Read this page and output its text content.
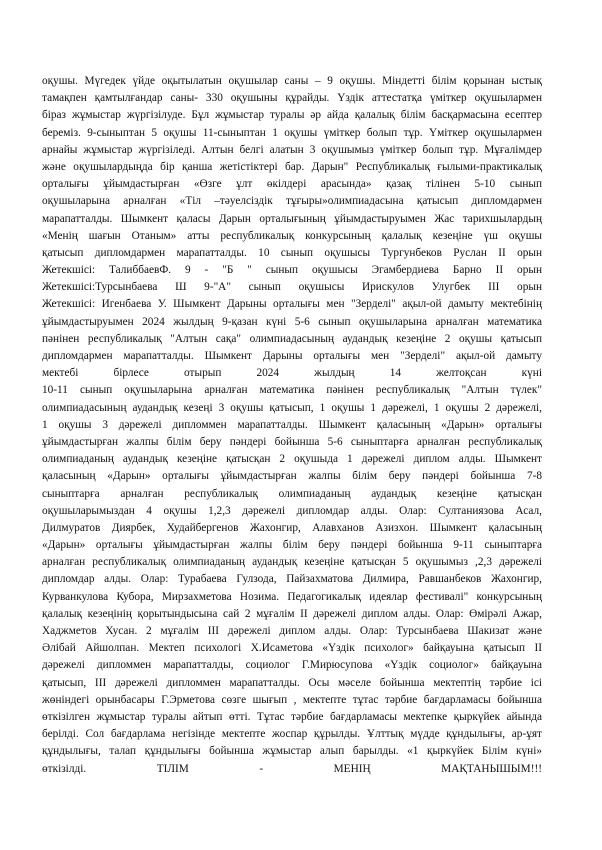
оқушы. Мүгедек үйде оқытылатын оқушылар саны – 9 оқушы. Міндетті білім қорынан ыстық
тамақпен қамтылғандар саны- 330 оқушыны құрайды. Үздік аттестатқа үміткер оқушылармен
біраз жұмыстар жүргізілуде. Бұл жұмыстар туралы әр айда қалалық білім басқармасына есептер
береміз. 9-сыныптан 5 оқушы 11-сыныптан 1 оқушы үміткер болып тұр. Үміткер оқушылармен
арнайы жұмыстар жүргізіледі. Алтын белгі алатын 3 оқушымыз үміткер болып тұр. Мұғалімдер
және оқушылардыңда бір қанша жетістіктері бар. Дарын" Республикалық ғылыми-практикалық
орталығы ұйымдастырған «Өзге ұлт өкілдері арасында» қазақ тілінен 5-10 сынып
оқушыларына арналған «Тіл –тәуелсіздік тұғыры»олимпиадасына қатысып дипломдармен
марапатталды. Шымкент қаласы Дарын орталығының ұйымдастыруымен Жас тарихшылардың
«Менің шағын Отаным» атты республикалық конкурсының қалалық кезеңіне үш оқушы
қатысып дипломдармен марапатталды. 10 сынып оқушысы Тургунбеков Руслан ІІ орын
Жетекшісі: ТалиббаевФ. 9 - "Б " сынып оқушысы Эгамбердиева Барно ІІ орын
Жетекшісі:Турсынбаева Ш 9-"А" сынып оқушысы Ирискулов Улугбек ІІІ орын
Жетекшісі: Игенбаева У. Шымкент Дарыны орталығы мен "Зерделі" ақыл-ой дамыту мектебінің
ұйымдастыруымен 2024 жылдың 9-қазан күні 5-6 сынып оқушыларына арналған математика
пәнінен республикалық "Алтын сақа" олимпиадасының аудандық кезеңіне 2 оқушы қатысып
дипломдармен марапатталды. Шымкент Дарыны орталығы мен "Зерделі" ақыл-ой дамыту
мектебі бірлесе отырып 2024 жылдың 14 желтоқсан күні
10-11 сынып оқушыларына арналған математика пәнінен республикалық "Алтын түлек"
олимпиадасының аудандық кезеңі 3 оқушы қатысып, 1 оқушы 1 дәрежелі, 1 оқушы 2 дәрежелі,
1 оқушы 3 дәрежелі дипломмен марапатталды. Шымкент қаласының «Дарын» орталығы
ұйымдастырған жалпы білім беру пәндері бойынша 5-6 сыныптарға арналған республикалық
олимпиаданың аудандық кезеңіне қатысқан 2 оқушыда 1 дәрежелі диплом алды. Шымкент
қаласының «Дарын» орталығы ұйымдастырған жалпы білім беру пәндері бойынша 7-8
сыныптарға арналған республикалық олимпиаданың аудандық кезеңіне қатысқан
оқушыларымыздан 4 оқушы 1,2,3 дәрежелі дипломдар алды. Олар: Султаниязова Асал,
Дилмуратов Диярбек, Худайбергенов Жахонгир, Алавханов Азизхон. Шымкент қаласының
«Дарын» орталығы ұйымдастырған жалпы білім беру пәндері бойынша 9-11 сыныптарға
арналған республикалық олимпиаданың аудандық кезеңіне қатысқан 5 оқушымыз ,2,3 дәрежелі
дипломдар алды. Олар: Турабаева Гулзода, Пайзахматова Дилмира, Равшанбеков Жахонгир,
Курванкулова Кубора, Мирзахметова Нозима. Педагогикалық идеялар фестивалі" конкурсының
қалалық кезеңінің қорытындысына сай 2 мұғалім ІІ дәрежелі диплом алды. Олар: Өмірәлі Ажар,
Хаджметов Хусан. 2 мұғалім ІІІ дәрежелі диплом алды. Олар: Турсынбаева Шакизат және
Әлібай Айшолпан. Мектеп психологі Х.Исаметова «Үздік психолог» байқауына қатысып ІІ
дәрежелі дипломмен марапатталды, социолог Г.Мирюсупова «Үздік социолог» байқауына
қатысып, ІІІ дәрежелі дипломмен марапатталды. Осы мәселе бойынша мектептің тәрбие ісі
жөніндегі орынбасары Г.Эрметова сөзге шығып , мектепте тұтас тәрбие бағдарламасы бойынша
өткізілген жұмыстар туралы айтып өтті. Тұтас тәрбие бағдарламасы мектепке қыркүйек айында
берілді. Сол бағдарлама негізінде мектепте жоспар құрылды. Ұлттық мүдде құндылығы, ар-ұят
құндылығы, талап құндылығы бойынша жұмыстар алып барылды. «1 қыркүйек Білім күні»
өткізілді.	ТІЛІМ	-	МЕНІҢ	МАҚТАНЫШЫМ!!!
